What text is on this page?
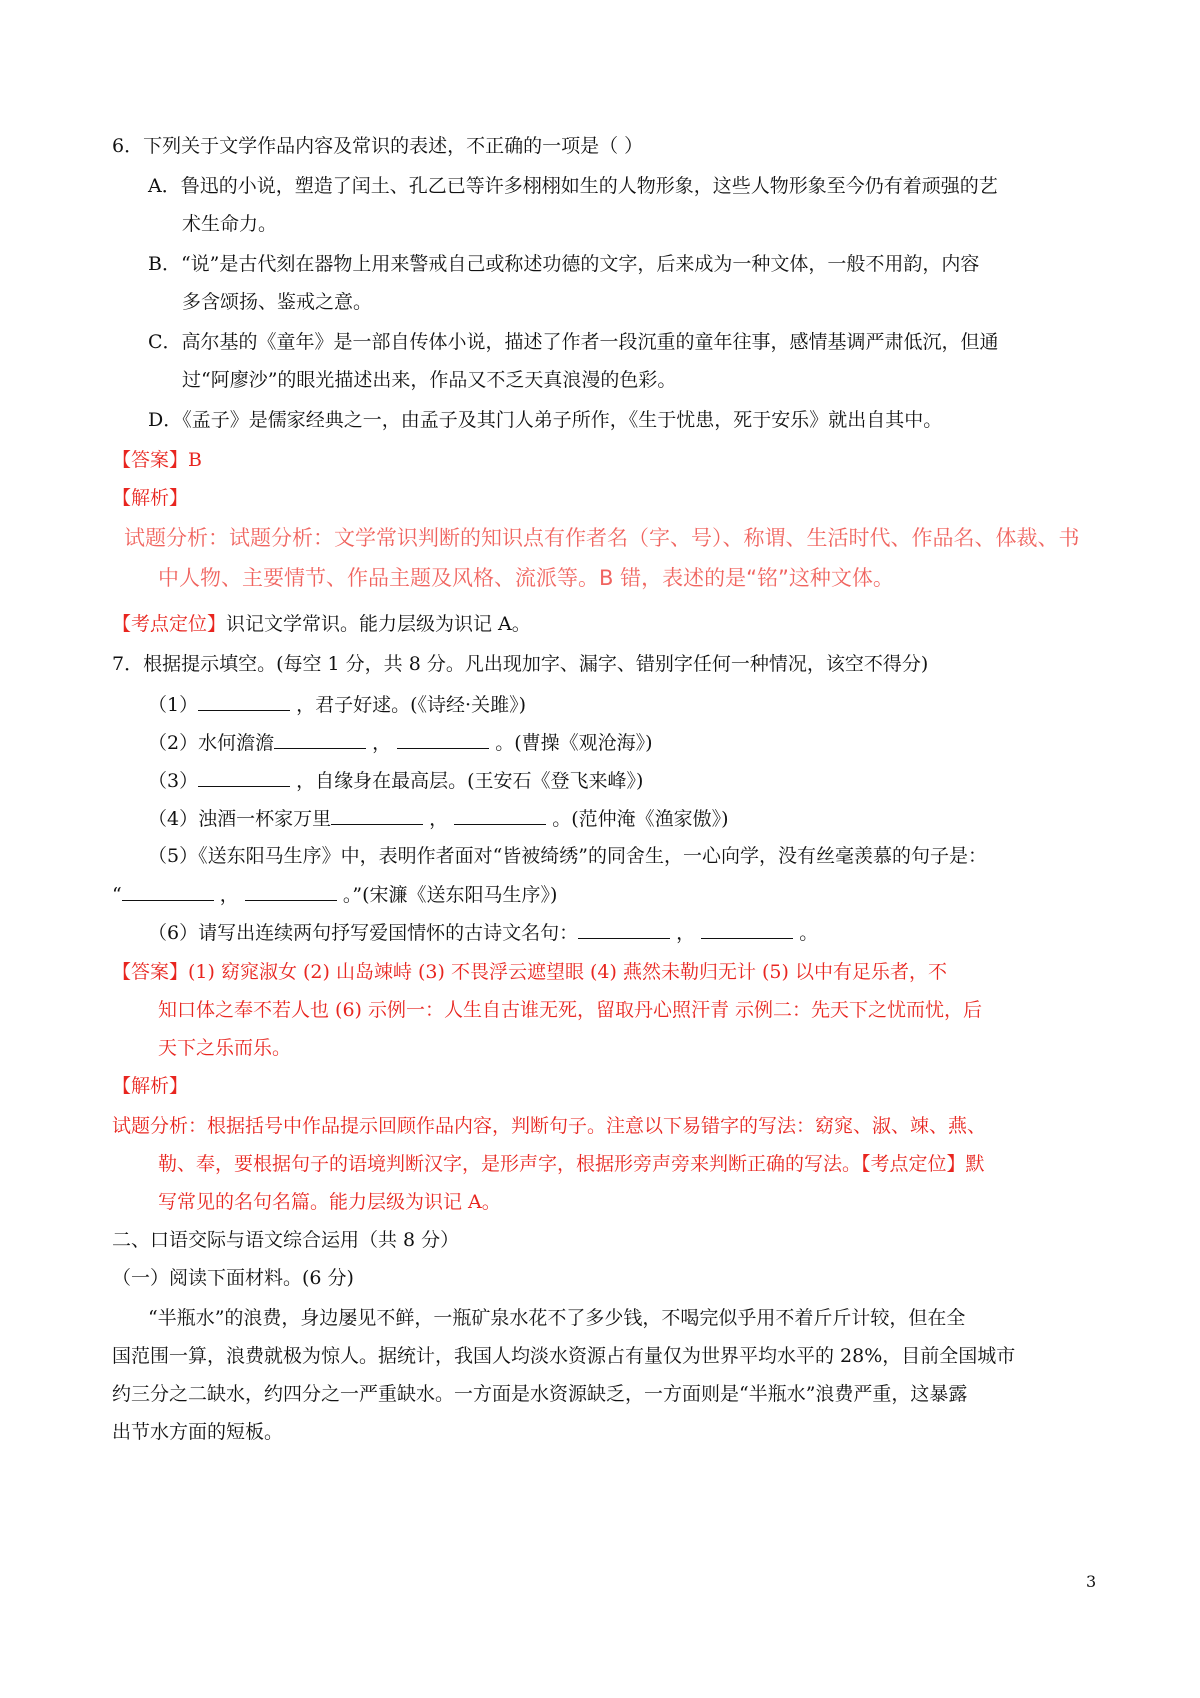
6．下列关于文学作品内容及常识的表述，不正确的一项是（ ）
A．鲁迅的小说，塑造了闰土、孔乙已等许多栩栩如生的人物形象，这些人物形象至今仍有着顽强的艺
术生命力。
B．“说”是古代刻在器物上用来警戒自己或称述功德的文字，后来成为一种文体，一般不用韵，内容
多含颂扬、鉴戒之意。
C．高尔基的《童年》是一部自传体小说，描述了作者一段沉重的童年往事，感情基调严肃低沉，但通
过“阿廖沙”的眼光描述出来，作品又不乏天真浪漫的色彩。
D．《孟子》是儒家经典之一，由孟子及其门人弟子所作，《生于忧患，死于安乐》就出自其中。
【答案】B
【解析】
试题分析：试题分析：文学常识判断的知识点有作者名（字、号）、称谓、生活时代、作品名、体裁、书
中人物、主要情节、作品主题及风格、流派等。B 错，表述的是“铭”这种文体。
【考点定位】识记文学常识。能力层级为识记 A。
7．根据提示填空。(每空 1 分，共 8 分。凡出现加字、漏字、错别字任何一种情况，该空不得分)
（1）	，君子好逑。(《诗经·关雎》)
（2）水何澹澹	，	。(曹操《观沧海》)
（3）	，自缘身在最高层。(王安石《登飞来峰》)
（4）浊酒一杯家万里	，	。(范仲淹《渔家傲》)
（5）《送东阳马生序》中，表明作者面对“皆被绮绣”的同舍生，一心向学，没有丝毫羡慕的句子是：
“	，	。”(宋濂《送东阳马生序》)
（6）请写出连续两句抒写爱国情怀的古诗文名句：	，	。
【答案】(1) 窈窕淑女 (2) 山岛竦峙 (3) 不畏浮云遮望眼 (4) 燕然未勒归无计 (5) 以中有足乐者，不
知口体之奉不若人也 (6) 示例一：人生自古谁无死，留取丹心照汗青 示例二：先天下之忧而忧，后
天下之乐而乐。
【解析】
试题分析：根据括号中作品提示回顾作品内容，判断句子。注意以下易错字的写法：窈窕、淑、竦、燕、
勒、奉，要根据句子的语境判断汉字，是形声字，根据形旁声旁来判断正确的写法。【考点定位】默
写常见的名句名篇。能力层级为识记 A。
二、口语交际与语文综合运用（共 8 分）
（一）阅读下面材料。(6 分)
“半瓶水”的浪费，身边屡见不鲜，一瓶矿泉水花不了多少钱，不喝完似乎用不着斤斤计较，但在全
国范围一算，浪费就极为惊人。据统计，我国人均淡水资源占有量仅为世界平均水平的 28%，目前全国城市
约三分之二缺水，约四分之一严重缺水。一方面是水资源缺乏，一方面则是“半瓶水”浪费严重，这暴露
出节水方面的短板。
3
